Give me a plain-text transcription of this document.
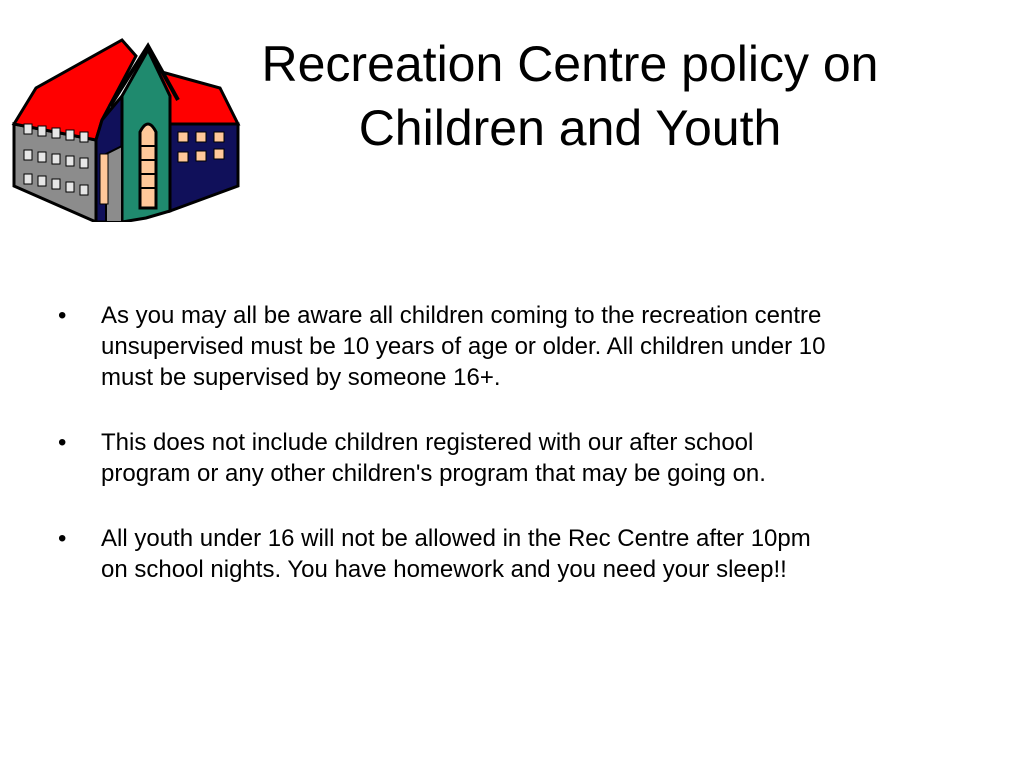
Recreation Centre policy on
Children and Youth
•	As you may all be aware all children coming to the recreation centre
unsupervised must be 10 years of age or older. All children under 10
must be supervised by someone 16+.
•	This does not include children registered with our after school
program or any other children's program that may be going on.
•	All youth under 16 will not be allowed in the Rec Centre after 10pm
on school nights. You have homework and you need your sleep!!
